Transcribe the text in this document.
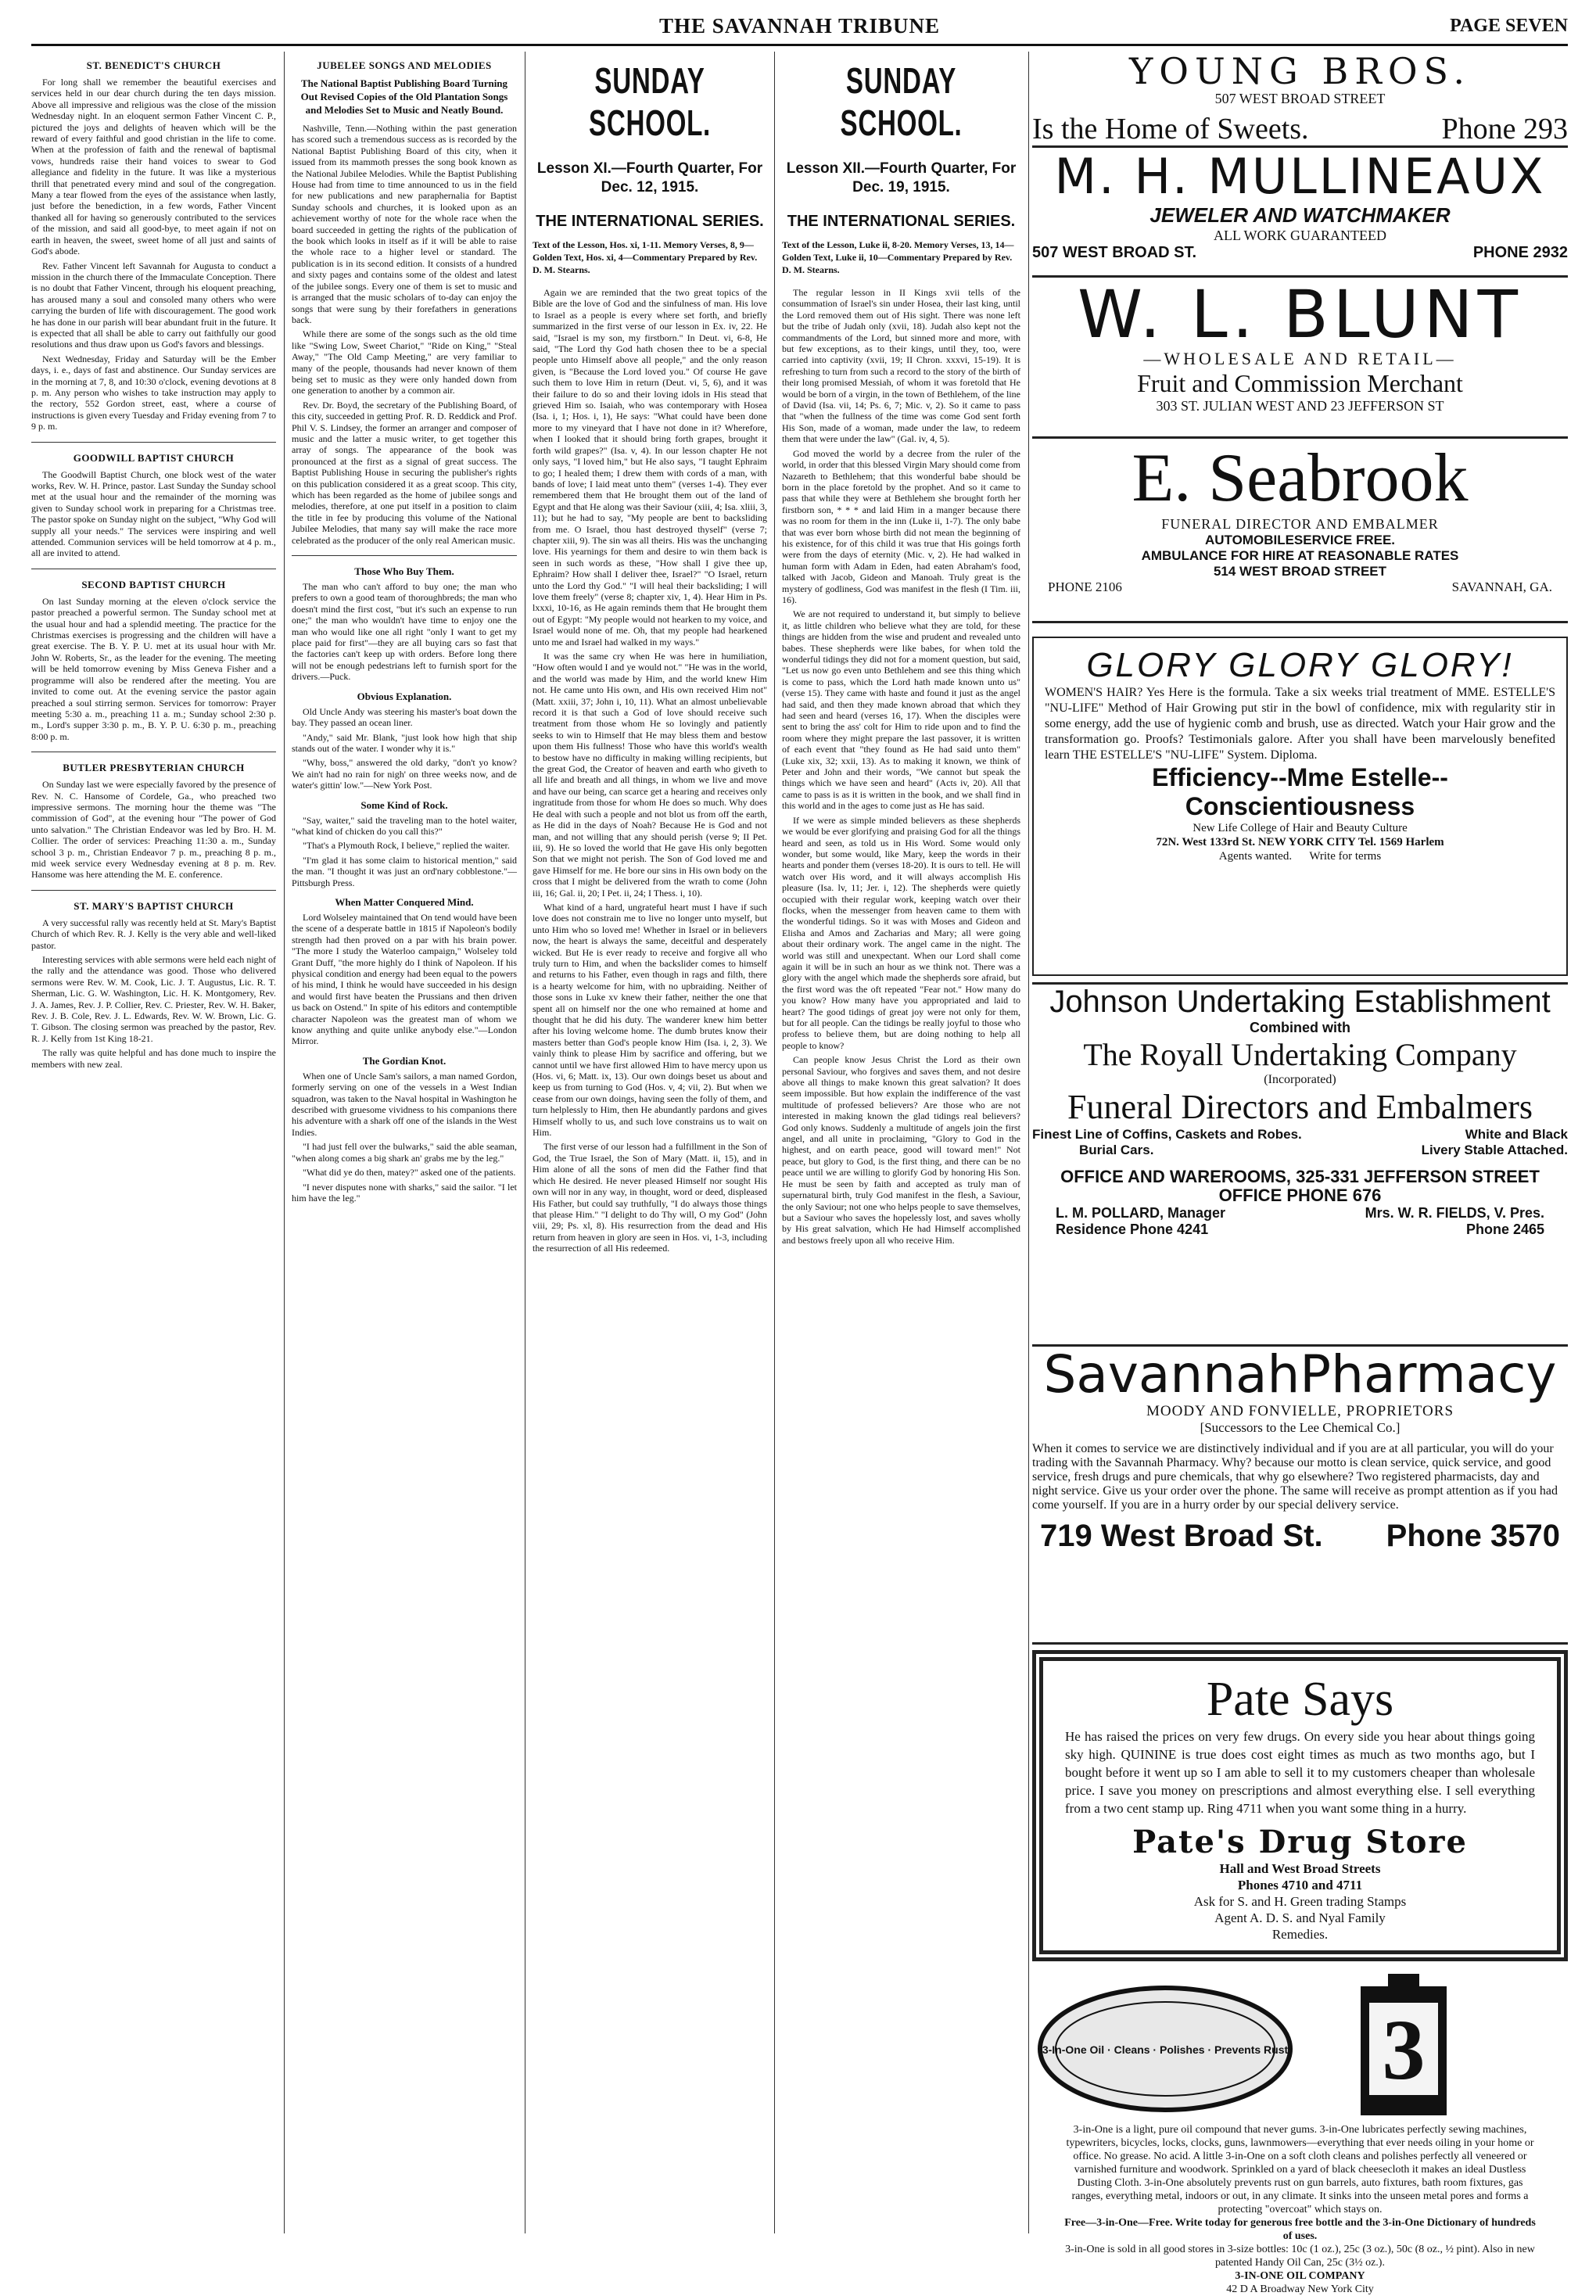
THE SAVANNAH TRIBUNE	PAGE SEVEN
ST. BENEDICT'S CHURCH

For long shall we remember the beautiful exercises and services held in our dear church during the ten days mission. Above all impressive and religious was the close of the mission Wednesday night. In an eloquent sermon Father Vincent C. P., pictured the joys and delights of heaven which will be the reward of every faithful and good christian in the life to come. When at the profession of faith and the renewal of baptismal vows, hundreds raise their hand voices to swear to God allegiance and fidelity in the future. It was like a mysterious thrill that penetrated every mind and soul of the congregation. Many a tear flowed from the eyes of the assistance when lastly, just before the benediction, in a few words, Father Vincent thanked all for having so generously contributed to the services of the mission, and said all good-bye, to meet again if not on earth in heaven, the sweet, sweet home of all just and saints of God's abode.

Rev. Father Vincent left Savannah for Augusta to conduct a mission in the church there of the Immaculate Conception. There is no doubt that Father Vincent, through his eloquent preaching, has aroused many a soul and consoled many others who were carrying the burden of life with discouragement. The good work he has done in our parish will bear abundant fruit in the future. It is expected that all shall be able to carry out faithfully our good resolutions and thus draw upon us God's favors and blessings.

Next Wednesday, Friday and Saturday will be the Ember days, i. e., days of fast and abstinence. Our Sunday services are in the morning at 7, 8, and 10:30 o'clock, evening devotions at 8 p. m. Any person who wishes to take instruction may apply to the rectory, 552 Gordon street, east, where a course of instructions is given every Tuesday and Friday evening from 7 to 9 p. m.

GOODWILL BAPTIST CHURCH

The Goodwill Baptist Church, one block west of the water works, Rev. W. H. Prince, pastor. Last Sunday the Sunday school met at the usual hour and the remainder of the morning was given to Sunday school work in preparing for a Christmas tree. The pastor spoke on Sunday night on the subject, "Why God will supply all your needs." The services were inspiring and well attended. Communion services will be held tomorrow at 4 p. m., all are invited to attend.

SECOND BAPTIST CHURCH

On last Sunday morning at the eleven o'clock service the pastor preached a powerful sermon. The Sunday school met at the usual hour and had a splendid meeting. The practice for the Christmas exercises is progressing and the children will have a great exercise. The B. Y. P. U. met at its usual hour with Mr. John W. Roberts, Sr., as the leader for the evening. The meeting will be held tomorrow evening by Miss Geneva Fisher and a programme will also be rendered after the meeting. You are invited to come out. At the evening service the pastor again preached a soul stirring sermon. Services for tomorrow: Prayer meeting 5:30 a. m., preaching 11 a. m.; Sunday school 2:30 p. m., Lord's supper 3:30 p. m., B. Y. P. U. 6:30 p. m., preaching 8:00 p. m.

BUTLER PRESBYTERIAN CHURCH

On Sunday last we were especially favored by the presence of Rev. N. C. Hansome of Cordele, Ga., who preached two impressive sermons. The morning hour the theme was "The commission of God", at the evening hour "The power of God unto salvation." The Christian Endeavor was led by Bro. H. M. Collier. The order of services: Preaching 11:30 a. m., Sunday school 3 p. m., Christian Endeavor 7 p. m., preaching 8 p. m., mid week service every Wednesday evening at 8 p. m. Rev. Hansome was here attending the M. E. conference.

ST. MARY'S BAPTIST CHURCH

A very successful rally was recently held at St. Mary's Baptist Church of which Rev. R. J. Kelly is the very able and well-liked pastor.

Interesting services with able sermons were held each night of the rally and the attendance was good. Those who delivered sermons were Rev. W. M. Cook, Lic. J. T. Augustus, Lic. R. T. Sherman, Lic. G. W. Washington, Lic. H. K. Montgomery, Rev. J. A. James, Rev. J. P. Collier, Rev. C. Priester, Rev. W. H. Baker, Rev. J. B. Cole, Rev. J. L. Edwards, Rev. W. W. Brown, Lic. G. T. Gibson. The closing sermon was preached by the pastor, Rev. R. J. Kelly from 1st King 18-21.

The rally was quite helpful and has done much to inspire the members with new zeal.

JUBELEE SONGS AND MELODIES
The National Baptist Publishing Board Turning Out Revised Copies of the Old Plantation Songs and Melodies Set to Music and Neatly Bound.

Nashville, Tenn.—Nothing within the past generation has scored such a tremendous success as is recorded by the National Baptist Publishing Board of this city, when it issued from its mammoth presses the song book known as the National Jubilee Melodies. While the Baptist Publishing House had from time to time announced to us in the field for new publications and new paraphernalia for Baptist Sunday schools and churches, it is looked upon as an achievement worthy of note for the whole race when the board succeeded in getting the rights of the publication of the book which looks in itself as if it will be able to raise the whole race to a higher level or standard. The publication is in its second edition. It consists of a hundred and sixty pages and contains some of the oldest and latest of the jubilee songs. Every one of them is set to music and is arranged that the music scholars of to-day can enjoy the songs that were sung by their forefathers in generations back.

While there are some of the songs such as the old time like "Swing Low, Sweet Chariot," "Ride on King," "Steal Away," "The Old Camp Meeting," are very familiar to many of the people, thousands had never known of them being set to music as they were only handed down from one generation to another by a common air.

Rev. Dr. Boyd, the secretary of the Publishing Board, of this city, succeeded in getting Prof. R. D. Reddick and Prof. Phil V. S. Lindsey, the former an arranger and composer of music and the latter a music writer, to get together this array of songs. The appearance of the book was pronounced at the first as a signal of great success. The Baptist Publishing House in securing the publisher's rights on this publication considered it as a great scoop. This city, which has been regarded as the home of jubilee songs and melodies, therefore, at one put itself in a position to claim the title in fee by producing this volume of the National Jubilee Melodies, that many say will make the race more celebrated as the producer of the only real American music.

Those Who Buy Them.

The man who can't afford to buy one; the man who prefers to own a good team of thoroughbreds; the man who doesn't mind the first cost, "but it's such an expense to run one;" the man who wouldn't have time to enjoy one the man who would like one all right "only I want to get my place paid for first"—they are all buying cars so fast that the factories can't keep up with orders. Before long there will not be enough pedestrians left to furnish sport for the drivers.—Puck.

Obvious Explanation.

Old Uncle Andy was steering his master's boat down the bay. They passed an ocean liner.

"Andy," said Mr. Blank, "just look how high that ship stands out of the water. I wonder why it is."

"Why, boss," answered the old darky, "don't yo know? We ain't had no rain for nigh' on three weeks now, and de water's gittin' low."—New York Post.

Some Kind of Rock.

"Say, waiter," said the traveling man to the hotel waiter, "what kind of chicken do you call this?"

"That's a Plymouth Rock, I believe," replied the waiter.

"I'm glad it has some claim to historical mention," said the man. "I thought it was just an ord'nary cobblestone."—Pittsburgh Press.

When Matter Conquered Mind.

Lord Wolseley maintained that On tend would have been the scene of a desperate battle in 1815 if Napoleon's bodily strength had then proved on a par with his brain power. "The more I study the Waterloo campaign," Wolseley told Grant Duff, "the more highly do I think of Napoleon. If his physical condition and energy had been equal to the powers of his mind, I think he would have succeeded in his design and would first have beaten the Prussians and then driven us back on Ostend." In spite of his editors and contemptible character Napoleon was the greatest man of whom we know anything and quite unlike anybody else."—London Mirror.

The Gordian Knot.

When one of Uncle Sam's sailors, a man named Gordon, formerly serving on one of the vessels in a West Indian squadron, was taken to the Naval hospital in Washington he described with gruesome vividness to his companions there his adventure with a shark off one of the islands in the West Indies.

"I had just fell over the bulwarks," said the able seaman, "when along comes a big shark an' grabs me by the leg."

"What did ye do then, matey?" asked one of the patients.

"I never disputes none with sharks," said the sailor. "I let him have the leg."

SUNDAY SCHOOL.
Lesson XI.—Fourth Quarter, For Dec. 12, 1915.
THE INTERNATIONAL SERIES.
Text of the Lesson, Hos. xi, 1-11. Memory Verses, 8, 9—Golden Text, Hos. xi, 4—Commentary Prepared by Rev. D. M. Stearns.

Again we are reminded that the two great topics of the Bible are the love of God and the sinfulness of man. His love to Israel as a people is every where set forth, and briefly summarized in the first verse of our lesson in Ex. iv, 22. He said, "Israel is my son, my firstborn." In Deut. vi, 6-8, He said, "The Lord thy God hath chosen thee to be a special people unto Himself above all people," and the only reason given, is "Because the Lord loved you." Of course He gave such them to love Him in return (Deut. vi, 5, 6), and it was their failure to do so and their loving idols in His stead that grieved Him so. Isaiah, who was contemporary with Hosea (Isa. i, 1; Hos. i, 1), He says: "What could have been done more to my vineyard that I have not done in it? Wherefore, when I looked that it should bring forth grapes, brought it forth wild grapes?" (Isa. v, 4). In our lesson chapter He not only says, "I loved him," but He also says, "I taught Ephraim to go; I healed them; I drew them with cords of a man, with bands of love; I laid meat unto them" (verses 1-4). They ever remembered them that He brought them out of the land of Egypt and that He along was their Saviour (xiii, 4; Isa. xliii, 3, 11); but he had to say, "My people are bent to backsliding from me. O Israel, thou hast destroyed thyself" (verse 7; chapter xiii, 9). The sin was all theirs. His was the unchanging love. His yearnings for them and desire to win them back is seen in such words as these, "How shall I give thee up, Ephraim? How shall I deliver thee, Israel?" "O Israel, return unto the Lord thy God." "I will heal their backsliding; I will love them freely" (verse 8; chapter xiv, 1, 4). Hear Him in Ps. lxxxi, 10-16, as He again reminds them that He brought them out of Egypt: "My people would not hearken to my voice, and Israel would none of me. Oh, that my people had hearkened unto me and Israel had walked in my ways."

It was the same cry when He was here in humiliation, "How often would I and ye would not." "He was in the world, and the world was made by Him, and the world knew Him not. He came unto His own, and His own received Him not" (Matt. xxiii, 37; John i, 10, 11). What an almost unbelievable record it is that such a God of love should receive such treatment from those whom He so lovingly and patiently seeks to win to Himself that He may bless them and bestow upon them His fullness! Those who have this world's wealth to bestow have no difficulty in making willing recipients, but the great God, the Creator of heaven and earth who giveth to all life and breath and all things, in whom we live and move and have our being, can scarce get a hearing and receives only ingratitude from those for whom He does so much. Why does He deal with such a people and not blot us from off the earth, as He did in the days of Noah? Because He is God and not man, and not willing that any should perish (verse 9; II Pet. iii, 9). He so loved the world that He gave His only begotten Son that we might not perish. The Son of God loved me and gave Himself for me. He bore our sins in His own body on the cross that I might be delivered from the wrath to come (John iii, 16; Gal. ii, 20; I Pet. ii, 24; I Thess. i, 10).

What kind of a hard, ungrateful heart must I have if such love does not constrain me to live no longer unto myself, but unto Him who so loved me! Whether in Israel or in believers now, the heart is always the same, deceitful and desperately wicked. But He is ever ready to receive and forgive all who truly turn to Him, and when the backslider comes to himself and returns to his Father, even though in rags and filth, there is a hearty welcome for him, with no upbraiding. Neither of those sons in Luke xv knew their father, neither the one that spent all on himself nor the one who remained at home and thought that he did his duty. The wanderer knew him better after his loving welcome home. The dumb brutes know their masters better than God's people know Him (Isa. i, 2, 3). We vainly think to please Him by sacrifice and offering, but we cannot until we have first allowed Him to have mercy upon us (Hos. vi, 6; Matt. ix, 13). Our own doings beset us about and keep us from turning to God (Hos. v, 4; vii, 2). But when we cease from our own doings, having seen the folly of them, and turn helplessly to Him, then He abundantly pardons and gives Himself wholly to us, and such love constrains us to wait on Him.

The first verse of our lesson had a fulfillment in the Son of God, the True Israel, the Son of Mary (Matt. ii, 15), and in Him alone of all the sons of men did the Father find that which He desired. He never pleased Himself nor sought His own will nor in any way, in thought, word or deed, displeased His Father, but could say truthfully, "I do always those things that please Him." "I delight to do Thy will, O my God" (John viii, 29; Ps. xl, 8). His resurrection from the dead and His return from heaven in glory are seen in Hos. vi, 1-3, including the resurrection of all His redeemed.

SUNDAY SCHOOL.
Lesson XII.—Fourth Quarter, For Dec. 19, 1915.
THE INTERNATIONAL SERIES.
Text of the Lesson, Luke ii, 8-20. Memory Verses, 13, 14—Golden Text, Luke ii, 10—Commentary Prepared by Rev. D. M. Stearns.

The regular lesson in II Kings xvii tells of the consummation of Israel's sin under Hosea, their last king, until the Lord removed them out of His sight. There was none left but the tribe of Judah only (xvii, 18). Judah also kept not the commandments of the Lord, but sinned more and more, with but few exceptions, as to their kings, until they, too, were carried into captivity (xvii, 19; II Chron. xxxvi, 15-19). It is refreshing to turn from such a record to the story of the birth of their long promised Messiah, of whom it was foretold that He would be born of a virgin, in the town of Bethlehem, of the line of David (Isa. vii, 14; Ps. 6, 7; Mic. v, 2). So it came to pass that "when the fullness of the time was come God sent forth His Son, made of a woman, made under the law, to redeem them that were under the law" (Gal. iv, 4, 5).

God moved the world by a decree from the ruler of the world, in order that this blessed Virgin Mary should come from Nazareth to Bethlehem; that this wonderful babe should be born in the place foretold by the prophet. And so it came to pass that while they were at Bethlehem she brought forth her firstborn son, * * * and laid Him in a manger because there was no room for them in the inn (Luke ii, 1-7). The only babe that was ever born whose birth did not mean the beginning of his existence, for of this child it was true that His goings forth were from the days of eternity (Mic. v, 2). He had walked in human form with Adam in Eden, had eaten Abraham's food, talked with Jacob, Gideon and Manoah. Truly great is the mystery of godliness, God was manifest in the flesh (I Tim. iii, 16).

We are not required to understand it, but simply to believe it, as little children who believe what they are told, for these things are hidden from the wise and prudent and revealed unto babes. These shepherds were like babes, for when told the wonderful tidings they did not for a moment question, but said, "Let us now go even unto Bethlehem and see this thing which is come to pass, which the Lord hath made known unto us" (verse 15). They came with haste and found it just as the angel had said, and then they made known abroad that which they had seen and heard (verses 16, 17). When the disciples were sent to bring the ass' colt for Him to ride upon and to find the room where they might prepare the last passover, it is written of each event that "they found as He had said unto them" (Luke xix, 32; xxii, 13). As to making it known, we think of Peter and John and their words, "We cannot but speak the things which we have seen and heard" (Acts iv, 20). All that came to pass is as it is written in the book, and we shall find in this world and in the ages to come just as He has said.

If we were as simple minded believers as these shepherds we would be ever glorifying and praising God for all the things heard and seen, as told us in His Word. Some would only wonder, but some would, like Mary, keep the words in their hearts and ponder them (verses 18-20). It is ours to tell. He will watch over His word, and it will always accomplish His pleasure (Isa. lv, 11; Jer. i, 12). The shepherds were quietly occupied with their regular work, keeping watch over their flocks, when the messenger from heaven came to them with the wonderful tidings. So it was with Moses and Gideon and Elisha and Amos and Zacharias and Mary; all were going about their ordinary work. The angel came in the night. The world was still and unexpectant. When our Lord shall come again it will be in such an hour as we think not. There was a glory with the angel which made the shepherds sore afraid, but the first word was the oft repeated "Fear not." How many do you know? How many have you appropriated and laid to heart? The good tidings of great joy were not only for them, but for all people. Can the tidings be really joyful to those who profess to believe them, but are doing nothing to help all people to know?

Can people know Jesus Christ the Lord as their own personal Saviour, who forgives and saves them, and not desire above all things to make known this great salvation? It does seem impossible. But how explain the indifference of the vast multitude of professed believers? Are those who are not interested in making known the glad tidings real believers? God only knows. Suddenly a multitude of angels join the first angel, and all unite in proclaiming, "Glory to God in the highest, and on earth peace, good will toward men!" Not peace, but glory to God, is the first thing, and there can be no peace until we are willing to glorify God by honoring His Son. He must be seen by faith and accepted as truly man of supernatural birth, truly God manifest in the flesh, a Saviour, the only Saviour; not one who helps people to save themselves, but a Saviour who saves the hopelessly lost, and saves wholly by His great salvation, which He had Himself accomplished and bestows freely upon all who receive Him.

YOUNG BROS.
507 WEST BROAD STREET
Is the Home of Sweets.	Phone 293
M. H. MULLINEAUX
JEWELER AND WATCHMAKER
ALL WORK GUARANTEED
507 WEST BROAD ST.	PHONE 2932
W. L. BLUNT
—WHOLESALE AND RETAIL—
Fruit and Commission Merchant
303 ST. JULIAN WEST AND 23 JEFFERSON ST
E. Seabrook
FUNERAL DIRECTOR AND EMBALMER
AUTOMOBILESERVICE FREE.
AMBULANCE FOR HIRE AT REASONABLE RATES
514 WEST BROAD STREET
PHONE 2106	SAVANNAH, GA.
GLORY GLORY GLORY!
WOMEN'S HAIR? Yes Here is the formula. Take a six weeks trial treatment of MME. ESTELLE'S "NU-LIFE" Method of Hair Growing put stir in the bowl of confidence, mix with regularity stir in some energy, add the use of hygienic comb and brush, use as directed. Watch your Hair grow and the transformation go. Proofs? Testimonials galore. After you shall have been marvelously benefited learn THE ESTELLE'S "NU-LIFE" System. Diploma.
Efficiency--Mme Estelle--Conscientiousness
New Life College of Hair and Beauty Culture
72N. West 133rd St. NEW YORK CITY Tel. 1569 Harlem
Agents wanted. Write for terms
Johnson Undertaking Establishment
Combined with
The Royall Undertaking Company
(Incorporated)
Funeral Directors and Embalmers
Finest Line of Coffins, Caskets and Robes.
Burial Cars.
White and Black
Livery Stable Attached.
OFFICE AND WAREROOMS, 325-331 JEFFERSON STREET
OFFICE PHONE 676
L. M. POLLARD, Manager	Mrs. W. R. FIELDS, V. Pres.
Residence Phone 4241	Phone 2465
SavannahPharmacy
MOODY AND FONVIELLE, PROPRIETORS
[Successors to the Lee Chemical Co.]
When it comes to service we are distinctively individual and if you are at all particular, you will do your trading with the Savannah Pharmacy. Why? because our motto is clean service, quick service, and good service, fresh drugs and pure chemicals, that why go elsewhere? Two registered pharmacists, day and night service. Give us your order over the phone. The same will receive as prompt attention as if you had come yourself. If you are in a hurry order by our special delivery service.
719 West Broad St. Phone 3570
Pate Says
He has raised the prices on very few drugs. On every side you hear about things going sky high. QUININE is true does cost eight times as much as two months ago, but I bought before it went up so I am able to sell it to my customers cheaper than wholesale price. I save you money on prescriptions and almost everything else. I sell everything from a two cent stamp up. Ring 4711 when you want some thing in a hurry.
Pate's Drug Store
Hall and West Broad Streets
Phones 4710 and 4711
Ask for S. and H. Green trading Stamps
Agent A. D. S. and Nyal Family
Remedies.
3
3-In-One Oil · Cleans · Polishes · Prevents Rust
3-in-One is a light, pure oil compound that never gums. 3-in-One lubricates perfectly sewing machines, typewriters, bicycles, locks, clocks, guns, lawnmowers—everything that ever needs oiling in your home or office. No grease. No acid. A little 3-in-One on a soft cloth cleans and polishes perfectly all veneered or varnished furniture and woodwork. Sprinkled on a yard of black cheesecloth it makes an ideal Dustless Dusting Cloth. 3-in-One absolutely prevents rust on gun barrels, auto fixtures, bath room fixtures, gas ranges, everything metal, indoors or out, in any climate. It sinks into the unseen metal pores and forms a protecting "overcoat" which stays on.
Free—3-in-One—Free. Write today for generous free bottle and the 3-in-One Dictionary of hundreds of uses.
3-in-One is sold in all good stores in 3-size bottles: 10c (1 oz.), 25c (3 oz.), 50c (8 oz., ½ pint). Also in new patented Handy Oil Can, 25c (3½ oz.).
3-IN-ONE OIL COMPANY
42 D A Broadway New York City
